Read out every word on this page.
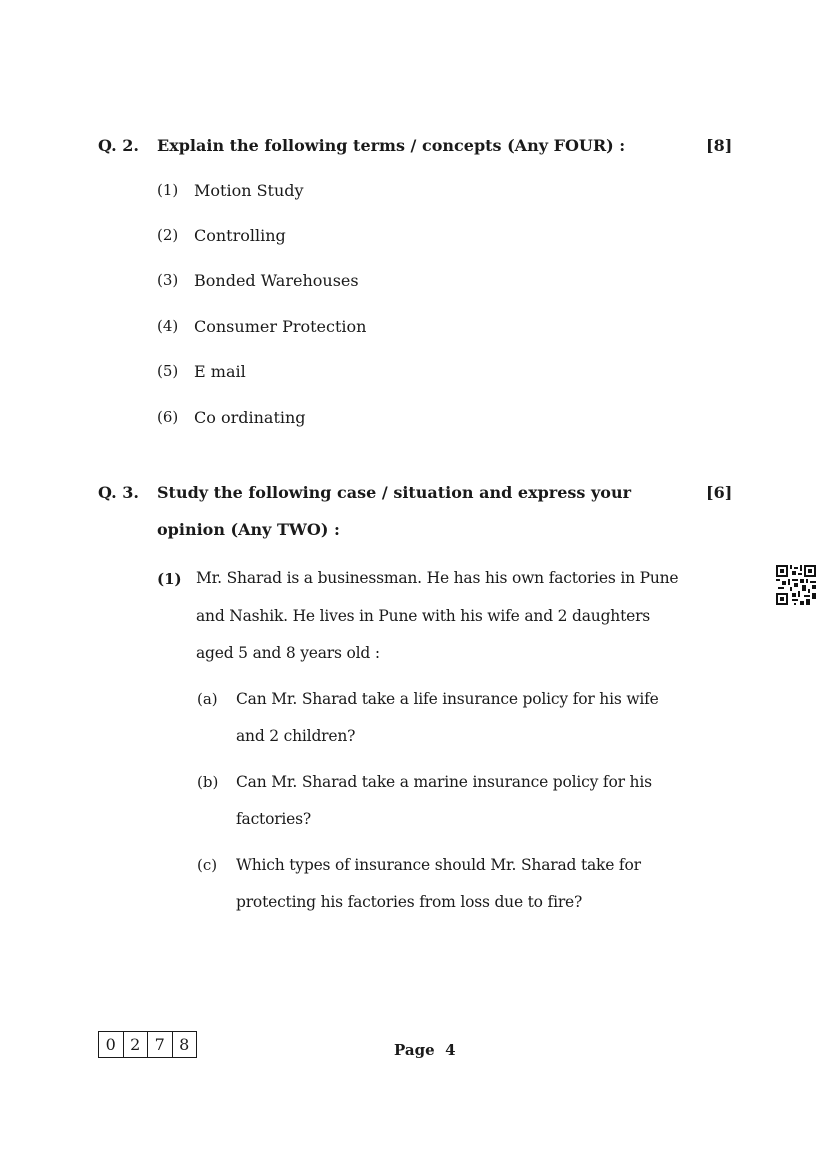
Q. 2. Explain the following terms / concepts (Any FOUR) :	[8]
(1) Motion Study
(2) Controlling
(3) Bonded Warehouses
(4) Consumer Protection
(5) E mail
(6) Co ordinating
Q. 3. Study the following case / situation and express your	[6]
opinion (Any TWO) :
(1) Mr. Sharad is a businessman. He has his own factories in Pune
and Nashik. He lives in Pune with his wife and 2 daughters
aged 5 and 8 years old :
(a) Can Mr. Sharad take a life insurance policy for his wife
and 2 children?
(b) Can Mr. Sharad take a marine insurance policy for his
factories?
(c) Which types of insurance should Mr. Sharad take for
protecting his factories from loss due to fire?
0 2 7 8	Page  4
